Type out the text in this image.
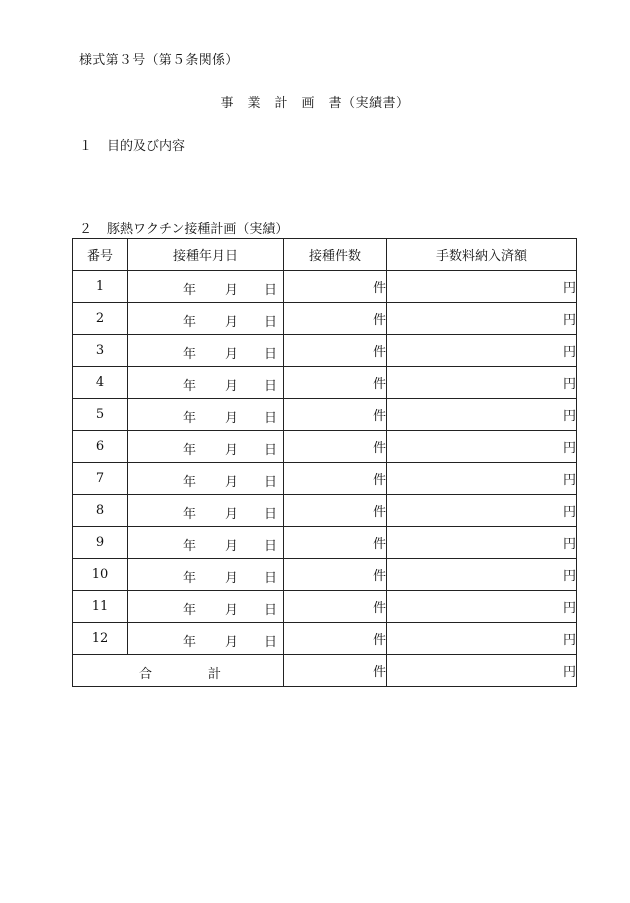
様式第３号（第５条関係）
事　業　計　画　書（実績書）
１ 目的及び内容
２ 豚熱ワクチン接種計画（実績）
番号	接種年月日	接種件数	手数料納入済額
1	年 月 日	件	円
2	年 月 日	件	円
3	年 月 日	件	円
4	年 月 日	件	円
5	年 月 日	件	円
6	年 月 日	件	円
7	年 月 日	件	円
8	年 月 日	件	円
9	年 月 日	件	円
10	年 月 日	件	円
11	年 月 日	件	円
12	年 月 日	件	円

合 計		件	円
